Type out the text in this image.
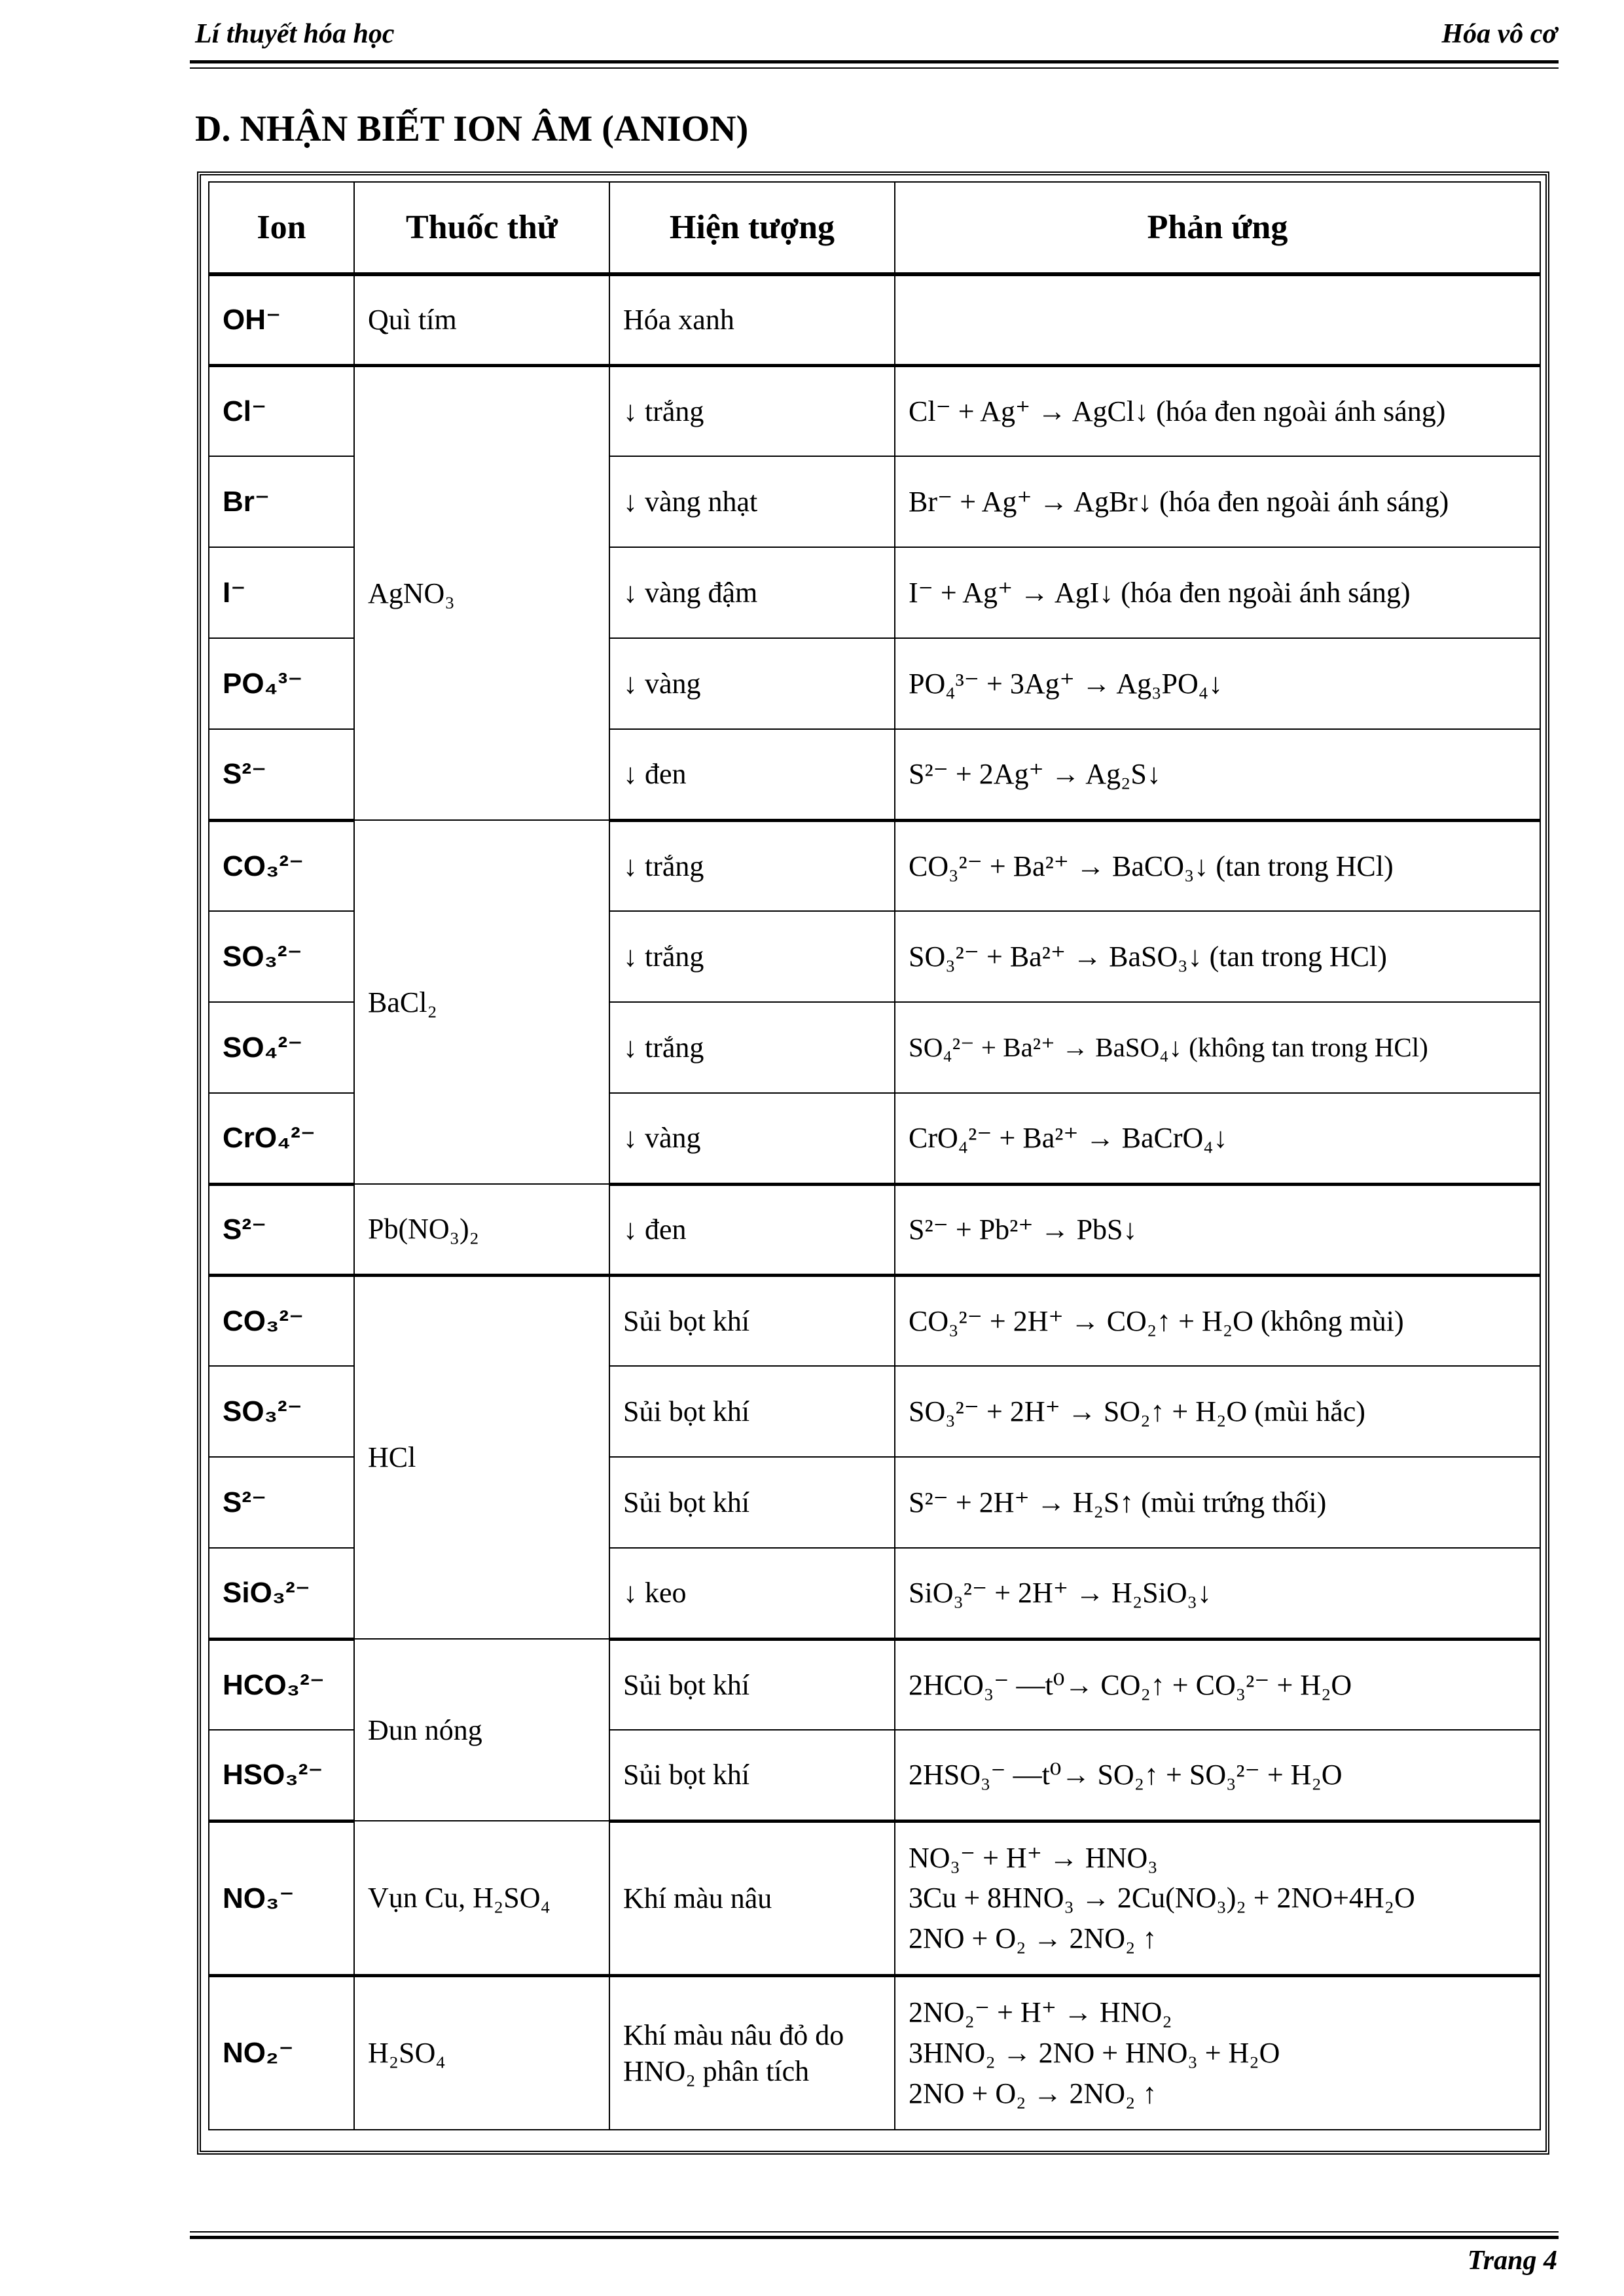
Lí thuyết hóa học	Hóa vô cơ
D. NHẬN BIẾT ION ÂM (ANION)
Ion	Thuốc thử	Hiện tượng	Phản ứng
OH⁻	Quì tím	Hóa xanh	
Cl⁻	AgNO₃	↓ trắng	Cl⁻ + Ag⁺ → AgCl↓ (hóa đen ngoài ánh sáng)
Br⁻		↓ vàng nhạt	Br⁻ + Ag⁺ → AgBr↓ (hóa đen ngoài ánh sáng)
I⁻		↓ vàng đậm	I⁻ + Ag⁺ → AgI↓ (hóa đen ngoài ánh sáng)
PO₄³⁻		↓ vàng	PO₄³⁻ + 3Ag⁺ → Ag₃PO₄↓
S²⁻		↓ đen	S²⁻ + 2Ag⁺ → Ag₂S↓
CO₃²⁻	BaCl₂	↓ trắng	CO₃²⁻ + Ba²⁺ → BaCO₃↓ (tan trong HCl)
SO₃²⁻		↓ trắng	SO₃²⁻ + Ba²⁺ → BaSO₃↓ (tan trong HCl)
SO₄²⁻		↓ trắng	SO₄²⁻ + Ba²⁺ → BaSO₄↓ (không tan trong HCl)
CrO₄²⁻		↓ vàng	CrO₄²⁻ + Ba²⁺ → BaCrO₄↓
S²⁻	Pb(NO₃)₂	↓ đen	S²⁻ + Pb²⁺ → PbS↓
CO₃²⁻	HCl	Sủi bọt khí	CO₃²⁻ + 2H⁺ → CO₂↑ + H₂O (không mùi)
SO₃²⁻		Sủi bọt khí	SO₃²⁻ + 2H⁺ → SO₂↑ + H₂O (mùi hắc)
S²⁻		Sủi bọt khí	S²⁻ + 2H⁺ → H₂S↑ (mùi trứng thối)
SiO₃²⁻		↓ keo	SiO₃²⁻ + 2H⁺ → H₂SiO₃↓
HCO₃²⁻	Đun nóng	Sủi bọt khí	2HCO₃⁻ —t⁰→ CO₂↑ + CO₃²⁻ + H₂O
HSO₃²⁻		Sủi bọt khí	2HSO₃⁻ —t⁰→ SO₂↑ + SO₃²⁻ + H₂O
NO₃⁻	Vụn Cu, H₂SO₄	Khí màu nâu	NO₃⁻ + H⁺ → HNO₃

3Cu + 8HNO₃ → 2Cu(NO₃)₂ + 2NO+4H₂O

2NO + O₂ → 2NO₂ ↑

NO₂⁻	H₂SO₄	Khí màu nâu đỏ do HNO₂ phân tích	2NO₂⁻ + H⁺ → HNO₂

3HNO₂ → 2NO + HNO₃ + H₂O

2NO + O₂ → 2NO₂ ↑

Trang 4
